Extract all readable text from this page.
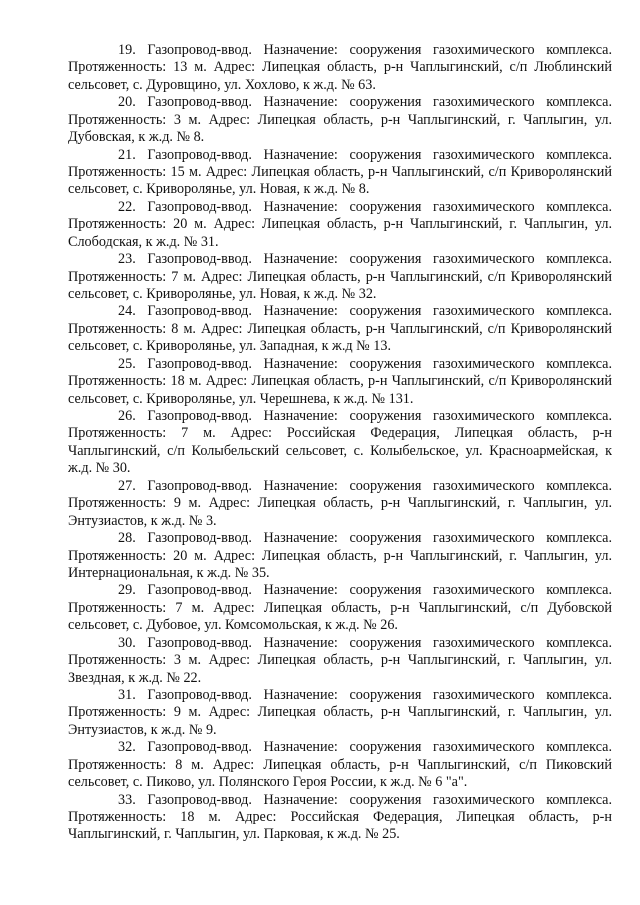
19. Газопровод-ввод. Назначение: сооружения газохимического комплекса. Протяженность: 13 м. Адрес: Липецкая область, р-н Чаплыгинский, с/п Люблинский сельсовет, с. Дуровщино, ул. Хохлово, к ж.д. № 63.

20. Газопровод-ввод. Назначение: сооружения газохимического комплекса. Протяженность: 3 м. Адрес: Липецкая область, р-н Чаплыгинский, г. Чаплыгин, ул. Дубовская, к ж.д. № 8.

21. Газопровод-ввод. Назначение: сооружения газохимического комплекса. Протяженность: 15 м. Адрес: Липецкая область, р-н Чаплыгинский, с/п Криворолянский сельсовет, с. Криворолянье, ул. Новая, к ж.д. № 8.

22. Газопровод-ввод. Назначение: сооружения газохимического комплекса. Протяженность: 20 м. Адрес: Липецкая область, р-н Чаплыгинский, г. Чаплыгин, ул. Слободская, к ж.д. № 31.

23. Газопровод-ввод. Назначение: сооружения газохимического комплекса. Протяженность: 7 м. Адрес: Липецкая область, р-н Чаплыгинский, с/п Криворолянский сельсовет, с. Криворолянье, ул. Новая, к ж.д. № 32.

24. Газопровод-ввод. Назначение: сооружения газохимического комплекса. Протяженность: 8 м. Адрес: Липецкая область, р-н Чаплыгинский, с/п Криворолянский сельсовет, с. Криворолянье, ул. Западная, к ж.д № 13.

25. Газопровод-ввод. Назначение: сооружения газохимического комплекса. Протяженность: 18 м. Адрес: Липецкая область, р-н Чаплыгинский, с/п Криворолянский сельсовет, с. Криворолянье, ул. Черешнева, к ж.д. № 131.

26. Газопровод-ввод. Назначение: сооружения газохимического комплекса. Протяженность: 7 м. Адрес: Российская Федерация, Липецкая область, р-н Чаплыгинский, с/п Колыбельский сельсовет, с. Колыбельское, ул. Красноармейская, к ж.д. № 30.

27. Газопровод-ввод. Назначение: сооружения газохимического комплекса. Протяженность: 9 м. Адрес: Липецкая область, р-н Чаплыгинский, г. Чаплыгин, ул. Энтузиастов, к ж.д. № 3.

28. Газопровод-ввод. Назначение: сооружения газохимического комплекса. Протяженность: 20 м. Адрес: Липецкая область, р-н Чаплыгинский, г. Чаплыгин, ул. Интернациональная, к ж.д. № 35.

29. Газопровод-ввод. Назначение: сооружения газохимического комплекса. Протяженность: 7 м. Адрес: Липецкая область, р-н Чаплыгинский, с/п Дубовской сельсовет, с. Дубовое, ул. Комсомольская, к ж.д. № 26.

30. Газопровод-ввод. Назначение: сооружения газохимического комплекса. Протяженность: 3 м. Адрес: Липецкая область, р-н Чаплыгинский, г. Чаплыгин, ул. Звездная, к ж.д. № 22.

31. Газопровод-ввод. Назначение: сооружения газохимического комплекса. Протяженность: 9 м. Адрес: Липецкая область, р-н Чаплыгинский, г. Чаплыгин, ул. Энтузиастов, к ж.д. № 9.

32. Газопровод-ввод. Назначение: сооружения газохимического комплекса. Протяженность: 8 м. Адрес: Липецкая область, р-н Чаплыгинский, с/п Пиковский сельсовет, с. Пиково, ул. Полянского Героя России, к ж.д. № 6 "а".

33. Газопровод-ввод. Назначение: сооружения газохимического комплекса. Протяженность: 18 м. Адрес: Российская Федерация, Липецкая область, р-н Чаплыгинский, г. Чаплыгин, ул. Парковая, к ж.д. № 25.
